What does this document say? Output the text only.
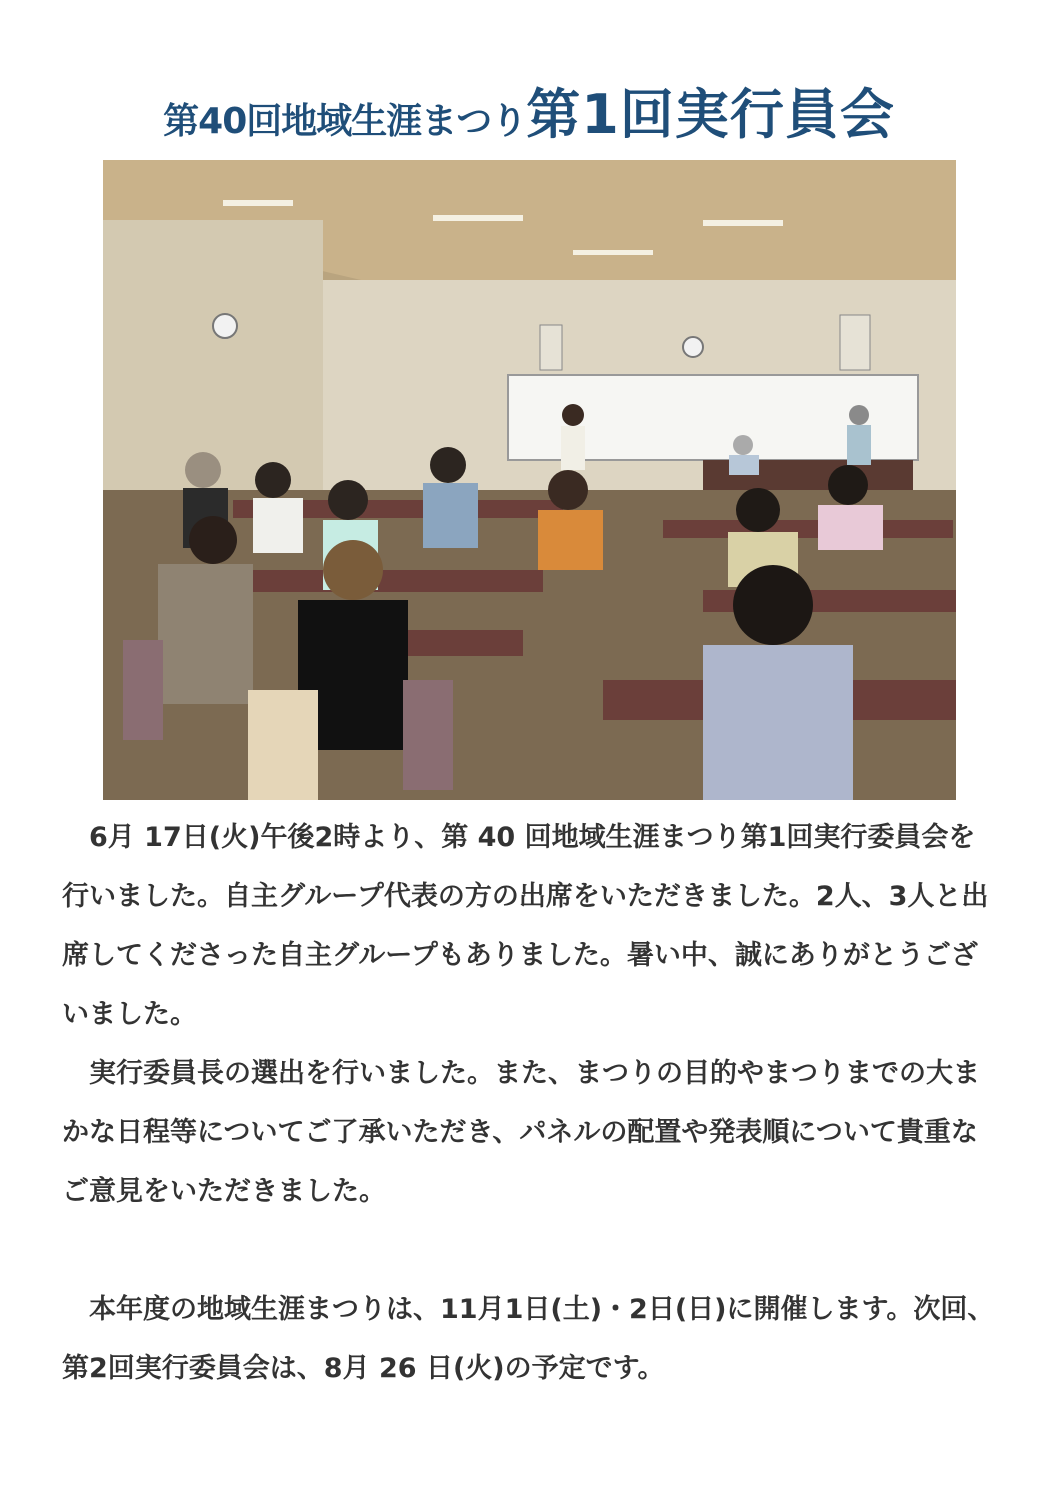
第40回地域生涯まつり第1回実行員会

6月 17日(火)午後2時より、第 40 回地域生涯まつり第1回実行委員会を行いました。自主グループ代表の方の出席をいただきました。2人、3人と出席してくださった自主グループもありました。暑い中、誠にありがとうございました。

実行委員長の選出を行いました。また、まつりの目的やまつりまでの大まかな日程等についてご了承いただき、パネルの配置や発表順について貴重なご意見をいただきました。

本年度の地域生涯まつりは、11月1日(土)・2日(日)に開催します。次回、第2回実行委員会は、8月 26 日(火)の予定です。
